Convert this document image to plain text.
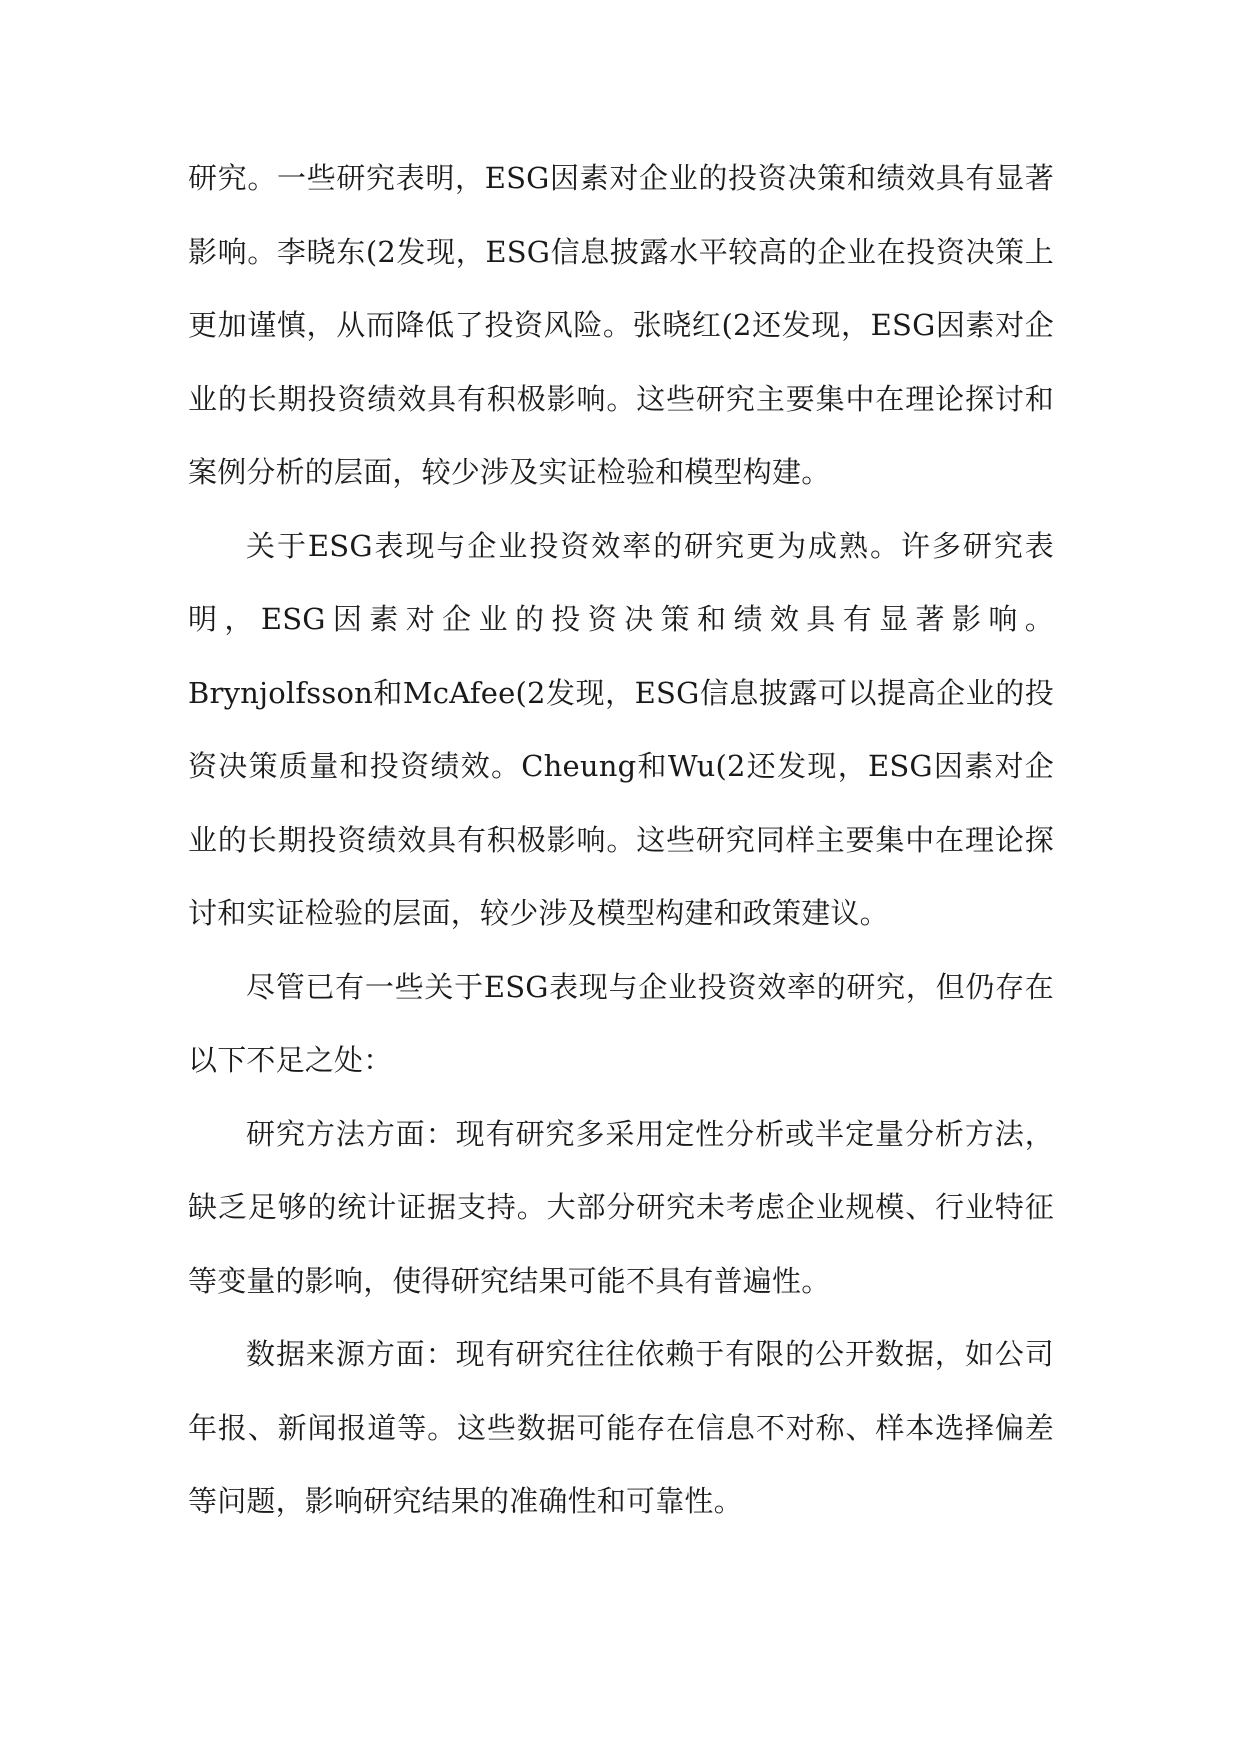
研究。一些研究表明，ESG因素对企业的投资决策和绩效具有显著影响。李晓东(2发现，ESG信息披露水平较高的企业在投资决策上更加谨慎，从而降低了投资风险。张晓红(2还发现，ESG因素对企业的长期投资绩效具有积极影响。这些研究主要集中在理论探讨和案例分析的层面，较少涉及实证检验和模型构建。

关于ESG表现与企业投资效率的研究更为成熟。许多研究表明，ESG因素对企业的投资决策和绩效具有显著影响。Brynjolfsson和McAfee(2发现，ESG信息披露可以提高企业的投资决策质量和投资绩效。Cheung和Wu(2还发现，ESG因素对企业的长期投资绩效具有积极影响。这些研究同样主要集中在理论探讨和实证检验的层面，较少涉及模型构建和政策建议。

尽管已有一些关于ESG表现与企业投资效率的研究，但仍存在以下不足之处：

研究方法方面：现有研究多采用定性分析或半定量分析方法，缺乏足够的统计证据支持。大部分研究未考虑企业规模、行业特征等变量的影响，使得研究结果可能不具有普遍性。

数据来源方面：现有研究往往依赖于有限的公开数据，如公司年报、新闻报道等。这些数据可能存在信息不对称、样本选择偏差等问题，影响研究结果的准确性和可靠性。
